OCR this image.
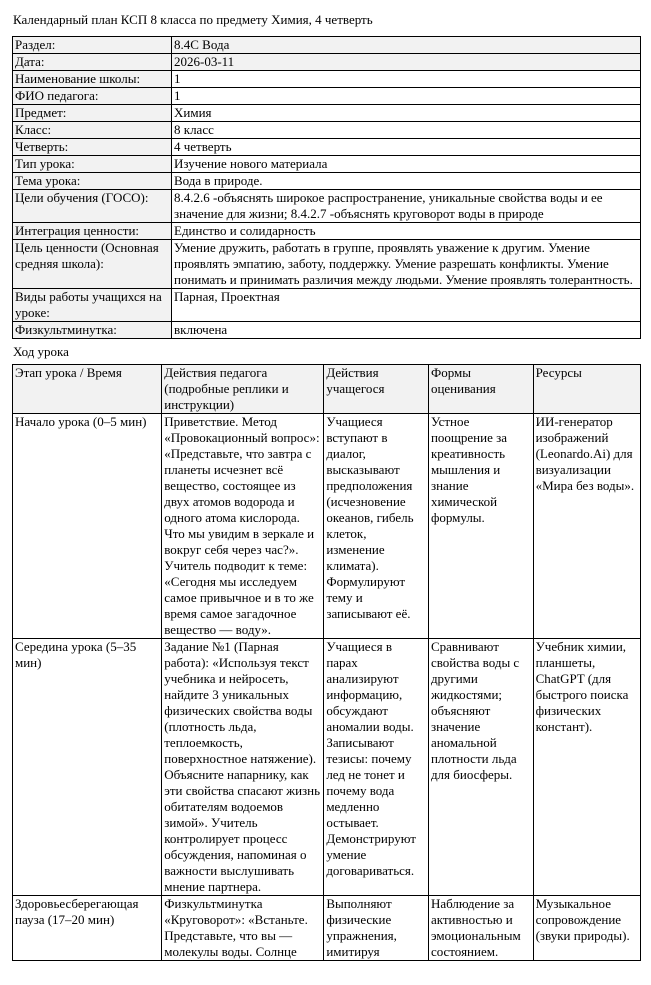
Календарный план КСП 8 класса по предмету Химия, 4 четверть
Раздел:	8.4C Вода
Дата:	2026-03-11
Наименование школы:	1
ФИО педагога:	1
Предмет:	Химия
Класс:	8 класс
Четверть:	4 четверть
Тип урока:	Изучение нового материала
Тема урока:	Вода в природе.
Цели обучения (ГОСО):	8.4.2.6 -объяснять широкое распространение, уникальные свойства воды и ее значение для жизни; 8.4.2.7 -объяснять круговорот воды в природе
Интеграция ценности:	Единство и солидарность
Цель ценности (Основная средняя школа):	Умение дружить, работать в группе, проявлять уважение к другим. Умение проявлять эмпатию, заботу, поддержку. Умение разрешать конфликты. Умение понимать и принимать различия между людьми. Умение проявлять толерантность.
Виды работы учащихся на уроке:	Парная, Проектная
Физкультминутка:	включена
Ход урока
Этап урока / Время	Действия педагога (подробные реплики и инструкции)	Действия учащегося	Формы оценивания	Ресурсы
Начало урока (0–5 мин)	Приветствие. Метод «Провокационный вопрос»: «Представьте, что завтра с планеты исчезнет всё вещество, состоящее из двух атомов водорода и одного атома кислорода. Что мы увидим в зеркале и вокруг себя через час?». Учитель подводит к теме: «Сегодня мы исследуем самое привычное и в то же время самое загадочное вещество — воду».	Учащиеся вступают в диалог, высказывают предположения (исчезновение океанов, гибель клеток, изменение климата). Формулируют тему и записывают её.	Устное поощрение за креативность мышления и знание химической формулы.	ИИ-генератор изображений (Leonardo.Ai) для визуализации «Мира без воды».
Середина урока (5–35 мин)	Задание №1 (Парная работа): «Используя текст учебника и нейросеть, найдите 3 уникальных физических свойства воды (плотность льда, теплоемкость, поверхностное натяжение). Объясните напарнику, как эти свойства спасают жизнь обитателям водоемов зимой». Учитель контролирует процесс обсуждения, напоминая о важности выслушивать мнение партнера.	Учащиеся в парах анализируют информацию, обсуждают аномалии воды. Записывают тезисы: почему лед не тонет и почему вода медленно остывает. Демонстрируют умение договариваться.	Сравнивают свойства воды с другими жидкостями; объясняют значение аномальной плотности льда для биосферы.	Учебник химии, планшеты, ChatGPT (для быстрого поиска физических констант).
Здоровьесберегающая пауза (17–20 мин)	Физкультминутка «Круговорот»: «Встаньте. Представьте, что вы — молекулы воды. Солнце	Выполняют физические упражнения, имитируя	Наблюдение за активностью и эмоциональным состоянием.	Музыкальное сопровождение (звуки природы).
